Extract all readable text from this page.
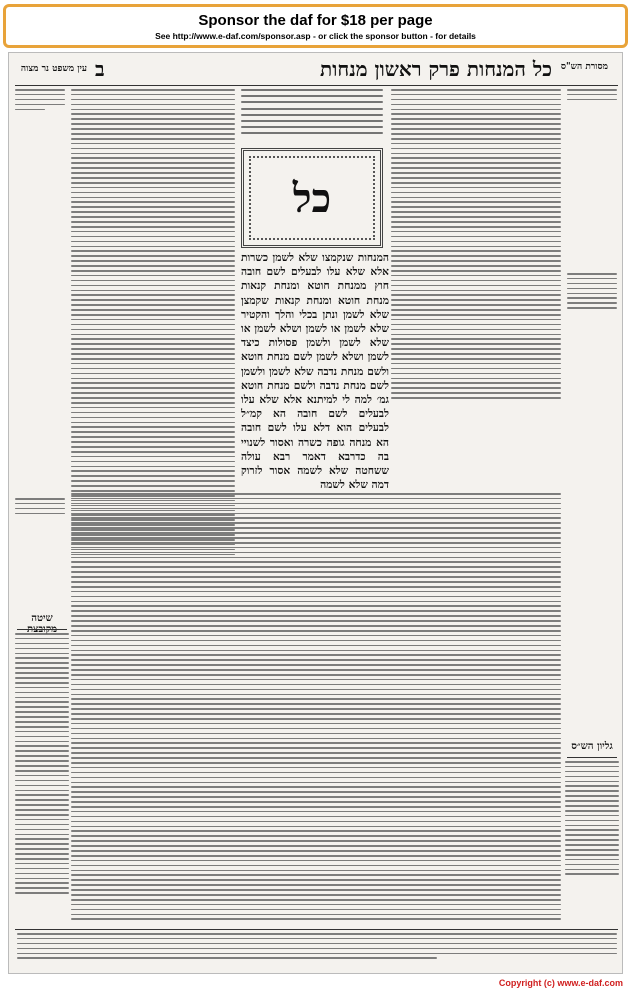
Sponsor the daf for $18 per page
See http://www.e-daf.com/sponsor.asp - or click the sponsor button - for details
מסורת הש"ס
כל המנחות פרק ראשון מנחות
ב
עין משפט נר מצוה
כל
המנחות שנקמצו שלא לשמן כשרות אלא שלא עלו לבעלים לשם חובה חוץ ממנחת חוטא ומנחת קנאות מנחת חוטא ומנחת קנאות שקמצן שלא לשמן ונתן בכלי והלך והקטיר שלא לשמן או לשמן ושלא לשמן או שלא לשמן ולשמן פסולות כיצד לשמן ושלא לשמן לשם מנחת חוטא ולשם מנחת נדבה שלא לשמן ולשמן לשם מנחת נדבה ולשם מנחת חוטא גמ׳ למה לי למיתנא אלא שלא עלו לבעלים לשם חובה הא קמ״ל לבעלים הוא דלא עלו לשם חובה הא מנחה גופה כשרה ואסור לשנויי בה כדרבא דאמר רבא עולה ששחטה שלא לשמה אסור לזרוק דמה שלא לשמה
שיטה
גליון הש״ס
Copyright (c) www.e-daf.com
